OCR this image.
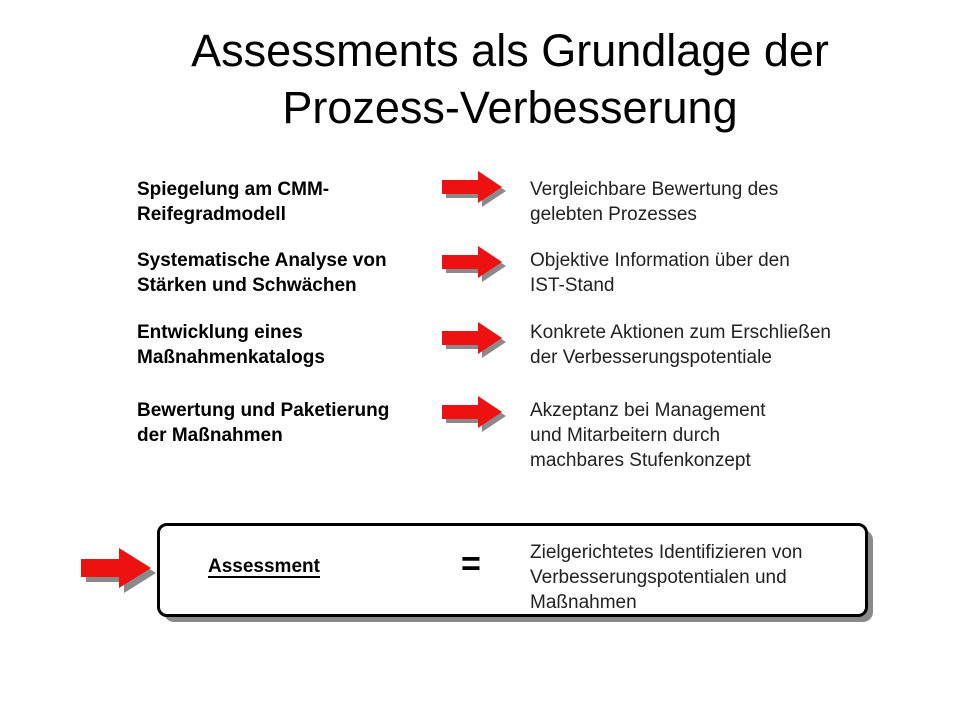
Assessments als Grundlage der
Prozess-Verbesserung
Spiegelung am CMM-
Reifegradmodell
Vergleichbare Bewertung des
gelebten Prozesses
Systematische Analyse von
Stärken und Schwächen
Objektive Information über den
IST-Stand
Entwicklung eines
Maßnahmenkatalogs
Konkrete Aktionen zum Erschließen
der Verbesserungspotentiale
Bewertung und Paketierung
der Maßnahmen
Akzeptanz bei Management
und Mitarbeitern durch
machbares Stufenkonzept
Assessment	=	Zielgerichtetes Identifizieren von
Verbesserungspotentialen und
Maßnahmen
